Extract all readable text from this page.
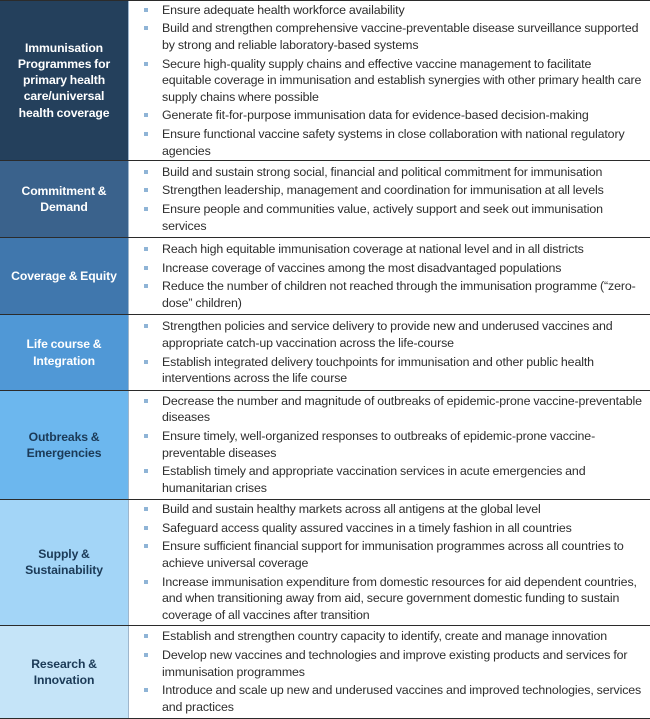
Immunisation Programmes for primary health care/universal health coverage
Ensure adequate health workforce availability
Build and strengthen comprehensive vaccine-preventable disease surveillance supported by strong and reliable laboratory-based systems
Secure high-quality supply chains and effective vaccine management to facilitate equitable coverage in immunisation and establish synergies with other primary health care supply chains where possible
Generate fit-for-purpose immunisation data for evidence-based decision-making
Ensure functional vaccine safety systems in close collaboration with national regulatory agencies
Commitment & Demand
Build and sustain strong social, financial and political commitment for immunisation
Strengthen leadership, management and coordination for immunisation at all levels
Ensure people and communities value, actively support and seek out immunisation services
Coverage & Equity
Reach high equitable immunisation coverage at national level and in all districts
Increase coverage of vaccines among the most disadvantaged populations
Reduce the number of children not reached through the immunisation programme (“zero-dose” children)
Life course & Integration
Strengthen policies and service delivery to provide new and underused vaccines and appropriate catch-up vaccination across the life-course
Establish integrated delivery touchpoints for immunisation and other public health interventions across the life course
Outbreaks & Emergencies
Decrease the number and magnitude of outbreaks of epidemic-prone vaccine-preventable diseases
Ensure timely, well-organized responses to outbreaks of epidemic-prone vaccine-preventable diseases
Establish timely and appropriate vaccination services in acute emergencies and humanitarian crises
Supply & Sustainability
Build and sustain healthy markets across all antigens at the global level
Safeguard access quality assured vaccines in a timely fashion in all countries
Ensure sufficient financial support for immunisation programmes across all countries to achieve universal coverage
Increase immunisation expenditure from domestic resources for aid dependent countries, and when transitioning away from aid, secure government domestic funding to sustain coverage of all vaccines after transition
Research & Innovation
Establish and strengthen country capacity to identify, create and manage innovation
Develop new vaccines and technologies and improve existing products and services for immunisation programmes
Introduce and scale up new and underused vaccines and improved technologies, services and practices
